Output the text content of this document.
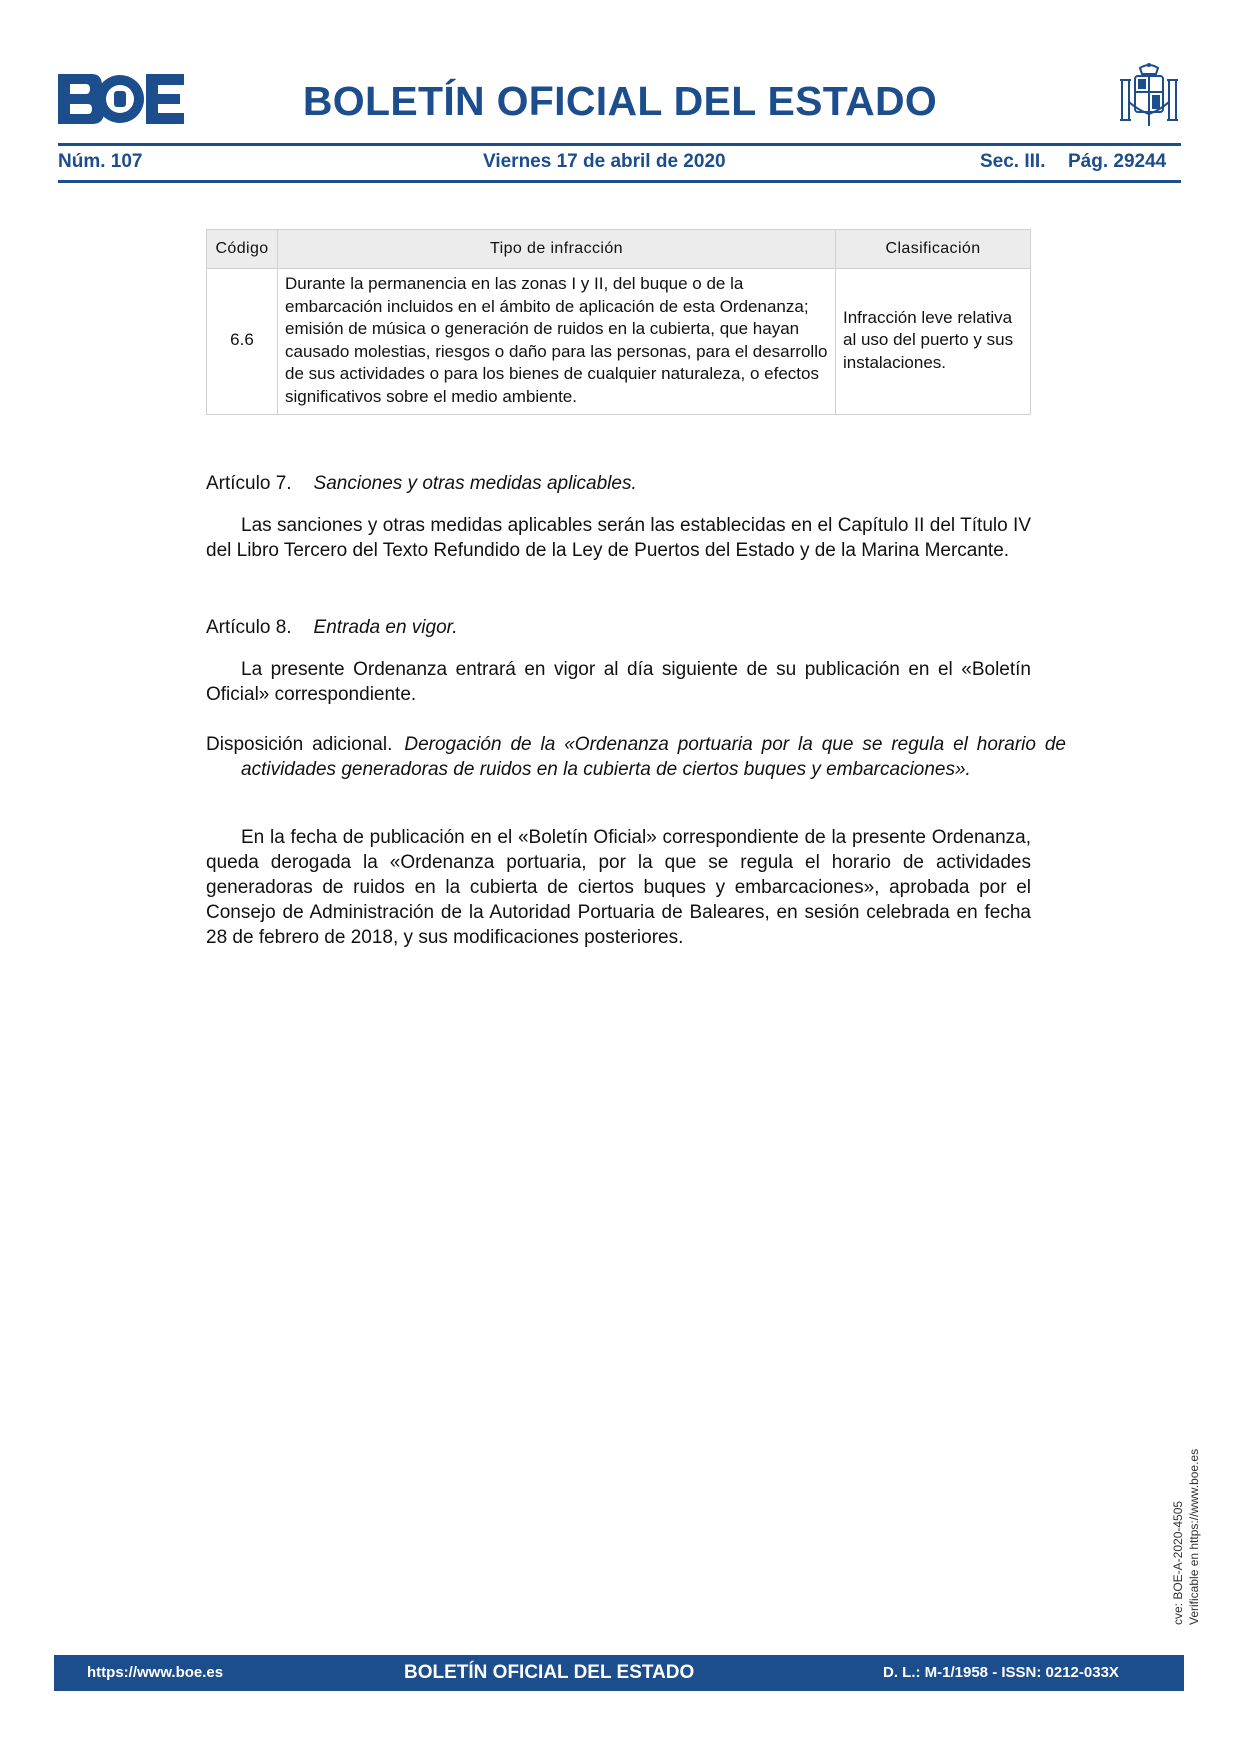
BOLETÍN OFICIAL DEL ESTADO
Núm. 107	Viernes 17 de abril de 2020	Sec. III. Pág. 29244
Código	Tipo de infracción	Clasificación
6.6	Durante la permanencia en las zonas I y II, del buque o de la embarcación incluidos en el ámbito de aplicación de esta Ordenanza; emisión de música o generación de ruidos en la cubierta, que hayan causado molestias, riesgos o daño para las personas, para el desarrollo de sus actividades o para los bienes de cualquier naturaleza, o efectos significativos sobre el medio ambiente.	Infracción leve relativa al uso del puerto y sus instalaciones.
Artículo 7. Sanciones y otras medidas aplicables.
Las sanciones y otras medidas aplicables serán las establecidas en el Capítulo II del Título IV del Libro Tercero del Texto Refundido de la Ley de Puertos del Estado y de la Marina Mercante.
Artículo 8. Entrada en vigor.
La presente Ordenanza entrará en vigor al día siguiente de su publicación en el «Boletín Oficial» correspondiente.
Disposición adicional. Derogación de la «Ordenanza portuaria por la que se regula el horario de actividades generadoras de ruidos en la cubierta de ciertos buques y embarcaciones».
En la fecha de publicación en el «Boletín Oficial» correspondiente de la presente Ordenanza, queda derogada la «Ordenanza portuaria, por la que se regula el horario de actividades generadoras de ruidos en la cubierta de ciertos buques y embarcaciones», aprobada por el Consejo de Administración de la Autoridad Portuaria de Baleares, en sesión celebrada en fecha 28 de febrero de 2018, y sus modificaciones posteriores.
cve: BOE-A-2020-4505 Verificable en https://www.boe.es
https://www.boe.es	BOLETÍN OFICIAL DEL ESTADO	D. L.: M-1/1958 - ISSN: 0212-033X
